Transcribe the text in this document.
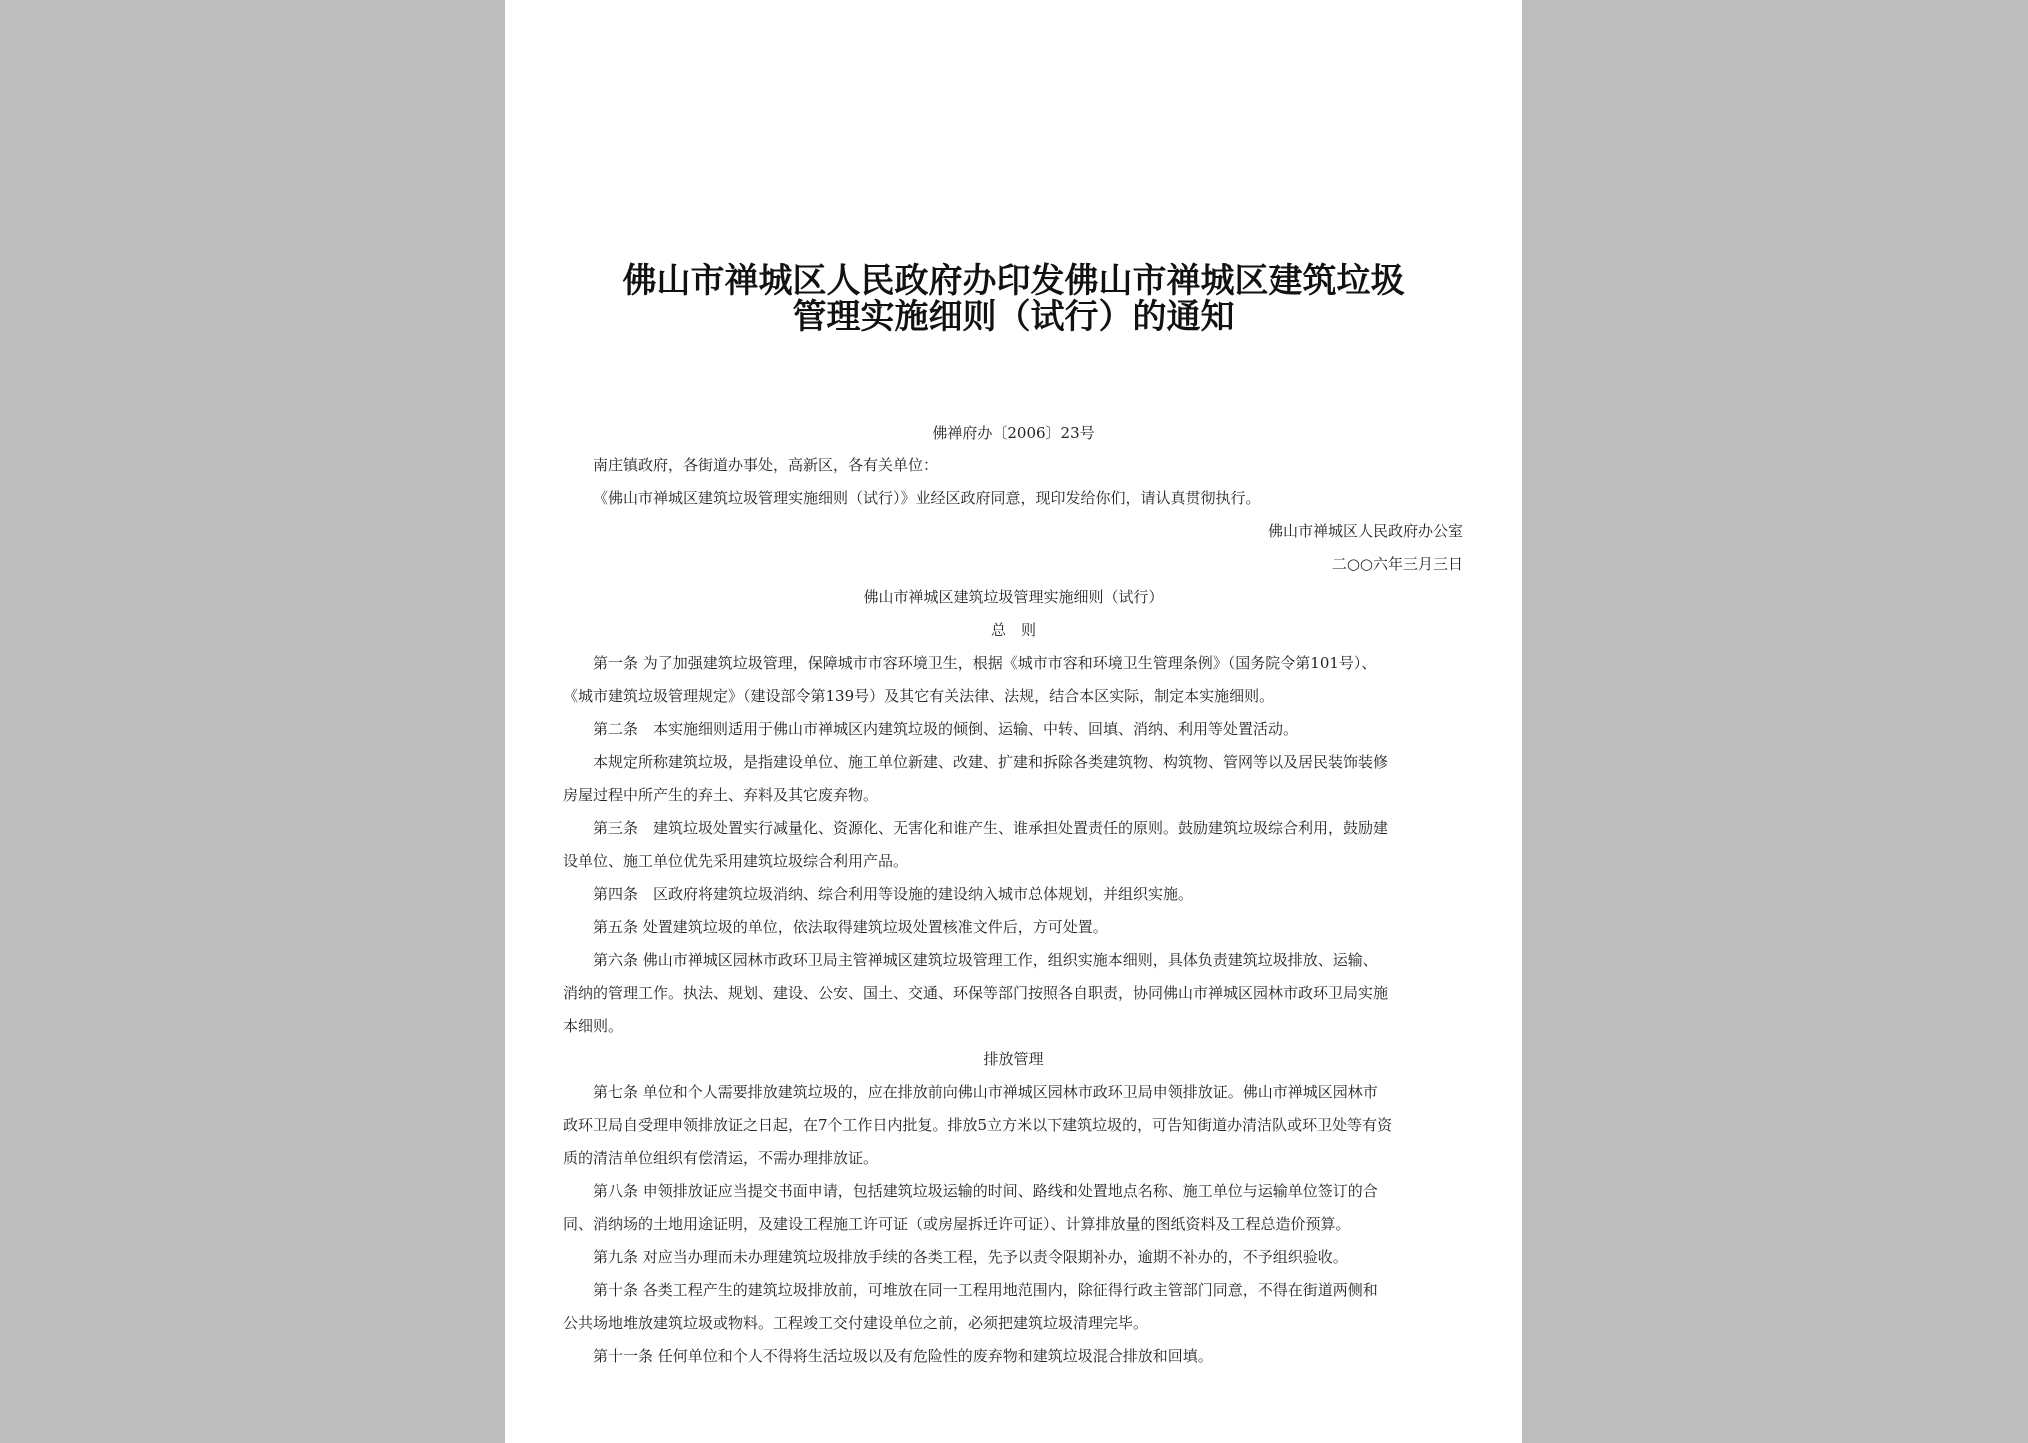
佛山市禅城区人民政府办印发佛山市禅城区建筑垃圾
管理实施细则（试行）的通知
佛禅府办〔2006〕23号
南庄镇政府，各街道办事处，高新区，各有关单位：
《佛山市禅城区建筑垃圾管理实施细则（试行）》业经区政府同意，现印发给你们，请认真贯彻执行。
佛山市禅城区人民政府办公室
二○○六年三月三日
佛山市禅城区建筑垃圾管理实施细则（试行）
总　则
第一条 为了加强建筑垃圾管理，保障城市市容环境卫生，根据《城市市容和环境卫生管理条例》（国务院令第101号）、
《城市建筑垃圾管理规定》（建设部令第139号）及其它有关法律、法规，结合本区实际，制定本实施细则。
第二条　本实施细则适用于佛山市禅城区内建筑垃圾的倾倒、运输、中转、回填、消纳、利用等处置活动。
本规定所称建筑垃圾，是指建设单位、施工单位新建、改建、扩建和拆除各类建筑物、构筑物、管网等以及居民装饰装修
房屋过程中所产生的弃土、弃料及其它废弃物。
第三条　建筑垃圾处置实行减量化、资源化、无害化和谁产生、谁承担处置责任的原则。鼓励建筑垃圾综合利用，鼓励建
设单位、施工单位优先采用建筑垃圾综合利用产品。
第四条　区政府将建筑垃圾消纳、综合利用等设施的建设纳入城市总体规划，并组织实施。
第五条 处置建筑垃圾的单位，依法取得建筑垃圾处置核准文件后，方可处置。
第六条 佛山市禅城区园林市政环卫局主管禅城区建筑垃圾管理工作，组织实施本细则，具体负责建筑垃圾排放、运输、
消纳的管理工作。执法、规划、建设、公安、国土、交通、环保等部门按照各自职责，协同佛山市禅城区园林市政环卫局实施
本细则。
排放管理
第七条 单位和个人需要排放建筑垃圾的，应在排放前向佛山市禅城区园林市政环卫局申领排放证。佛山市禅城区园林市
政环卫局自受理申领排放证之日起，在7个工作日内批复。排放5立方米以下建筑垃圾的，可告知街道办清洁队或环卫处等有资
质的清洁单位组织有偿清运，不需办理排放证。
第八条 申领排放证应当提交书面申请，包括建筑垃圾运输的时间、路线和处置地点名称、施工单位与运输单位签订的合
同、消纳场的土地用途证明，及建设工程施工许可证（或房屋拆迁许可证）、计算排放量的图纸资料及工程总造价预算。
第九条 对应当办理而未办理建筑垃圾排放手续的各类工程，先予以责令限期补办，逾期不补办的，不予组织验收。
第十条 各类工程产生的建筑垃圾排放前，可堆放在同一工程用地范围内，除征得行政主管部门同意，不得在街道两侧和
公共场地堆放建筑垃圾或物料。工程竣工交付建设单位之前，必须把建筑垃圾清理完毕。
第十一条 任何单位和个人不得将生活垃圾以及有危险性的废弃物和建筑垃圾混合排放和回填。
